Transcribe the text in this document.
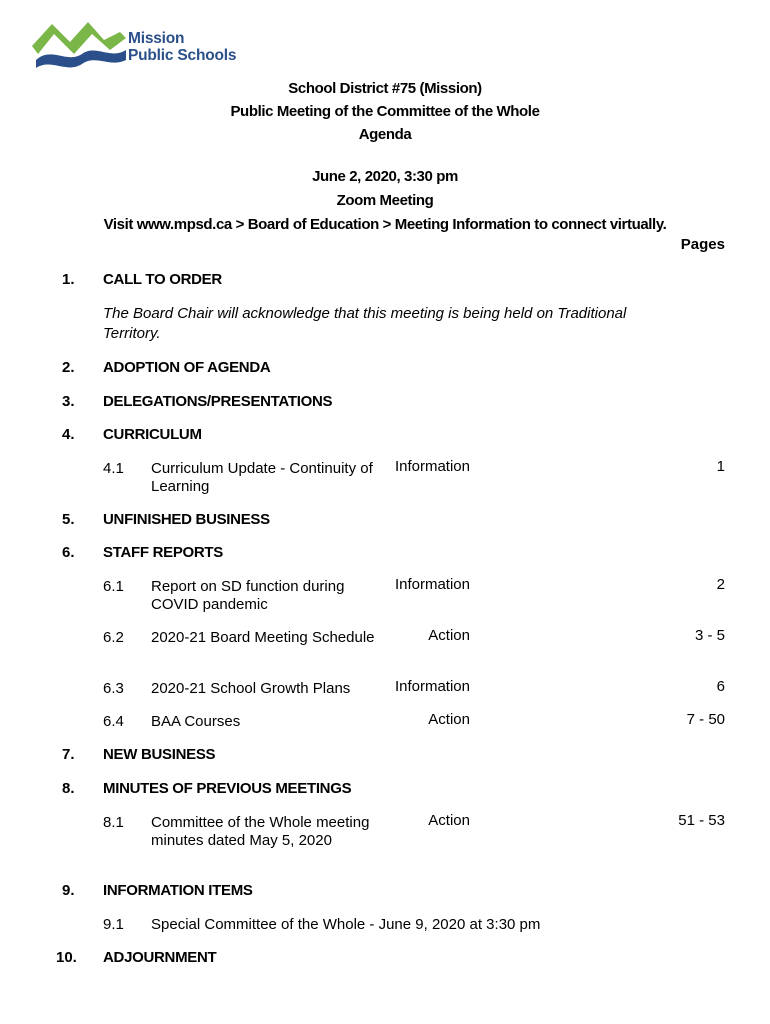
Mission
Public Schools
School District #75 (Mission)
Public Meeting of the Committee of the Whole
Agenda
June 2, 2020, 3:30 pm
Zoom Meeting
Visit www.mpsd.ca > Board of Education > Meeting Information to connect virtually.
Pages
1. CALL TO ORDER
The Board Chair will acknowledge that this meeting is being held on Traditional Territory.
2. ADOPTION OF AGENDA
3. DELEGATIONS/PRESENTATIONS
4. CURRICULUM
4.1 Curriculum Update - Continuity of Learning
Information	1
5. UNFINISHED BUSINESS
6. STAFF REPORTS
6.1 Report on SD function during COVID pandemic
Information	2
6.2 2020-21 Board Meeting Schedule	Action	3 - 5
6.3 2020-21 School Growth Plans	Information	6
6.4 BAA Courses	Action	7 - 50
7. NEW BUSINESS
8. MINUTES OF PREVIOUS MEETINGS
8.1 Committee of the Whole meeting minutes dated May 5, 2020
Action	51 - 53
9. INFORMATION ITEMS
9.1 Special Committee of the Whole - June 9, 2020 at 3:30 pm
10. ADJOURNMENT
